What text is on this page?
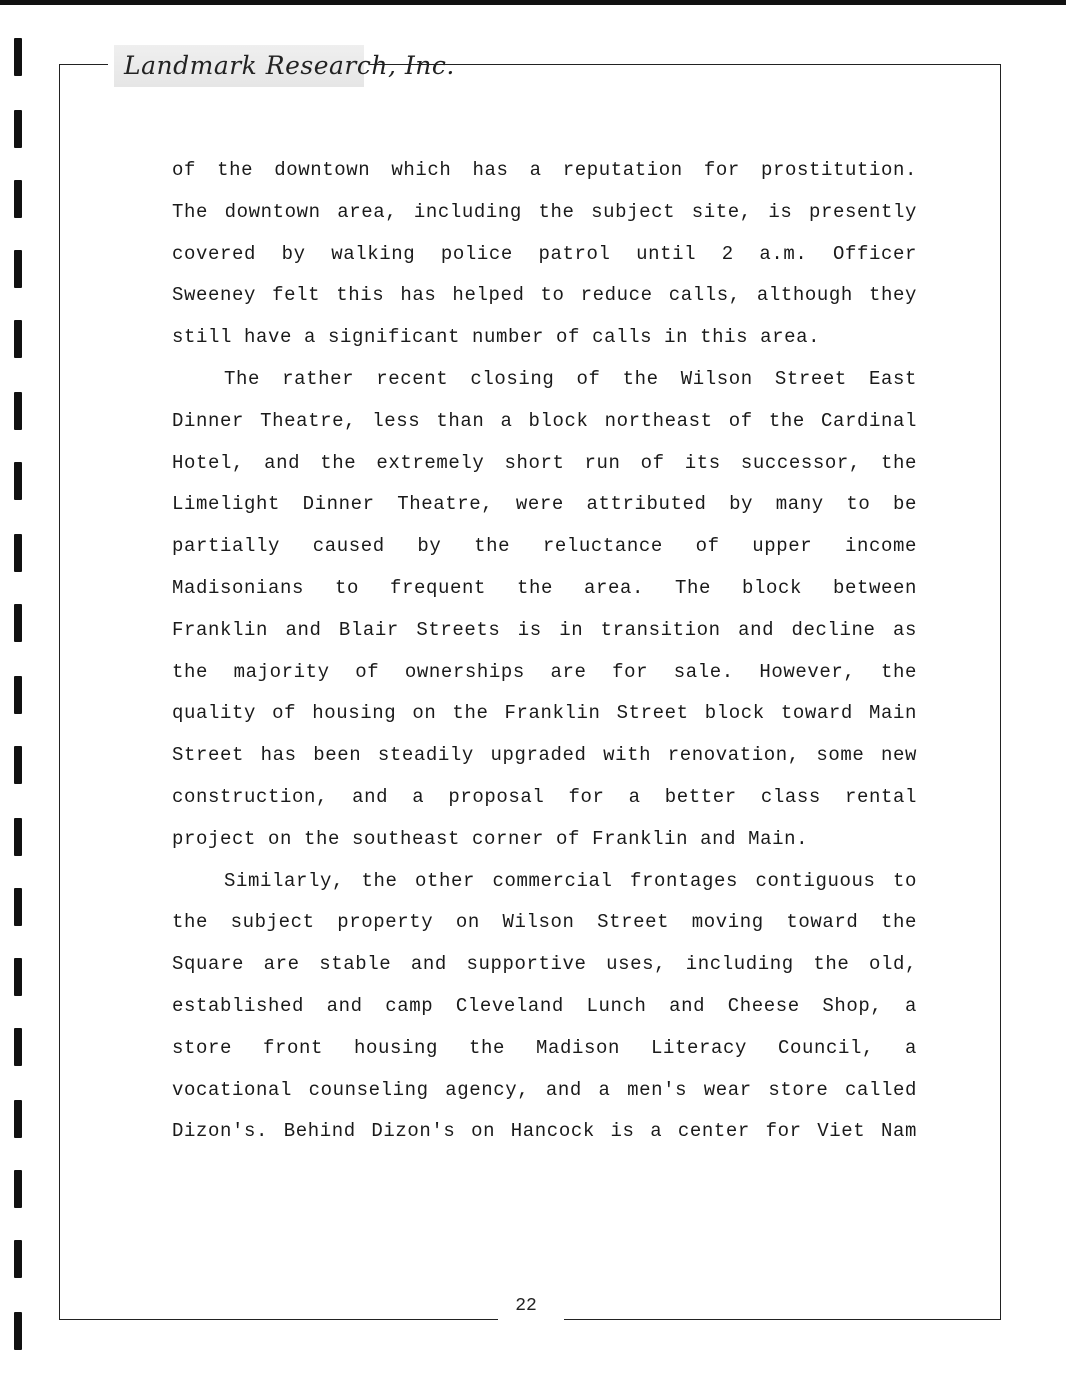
Landmark Research, Inc.
of the downtown which has a reputation for prostitution.
The downtown area, including the subject site, is presently
covered by walking police patrol until 2 a.m. Officer
Sweeney felt this has helped to reduce calls, although they
still have a significant number of calls in this area.
The rather recent closing of the Wilson Street East
Dinner Theatre, less than a block northeast of the Cardinal
Hotel, and the extremely short run of its successor, the
Limelight Dinner Theatre, were attributed by many to be
partially caused by the reluctance of upper income
Madisonians to frequent the area. The block between
Franklin and Blair Streets is in transition and decline as
the majority of ownerships are for sale. However, the
quality of housing on the Franklin Street block toward Main
Street has been steadily upgraded with renovation, some new
construction, and a proposal for a better class rental
project on the southeast corner of Franklin and Main.
Similarly, the other commercial frontages contiguous to
the subject property on Wilson Street moving toward the
Square are stable and supportive uses, including the old,
established and camp Cleveland Lunch and Cheese Shop, a
store front housing the Madison Literacy Council, a
vocational counseling agency, and a men's wear store called
Dizon's. Behind Dizon's on Hancock is a center for Viet Nam
22
